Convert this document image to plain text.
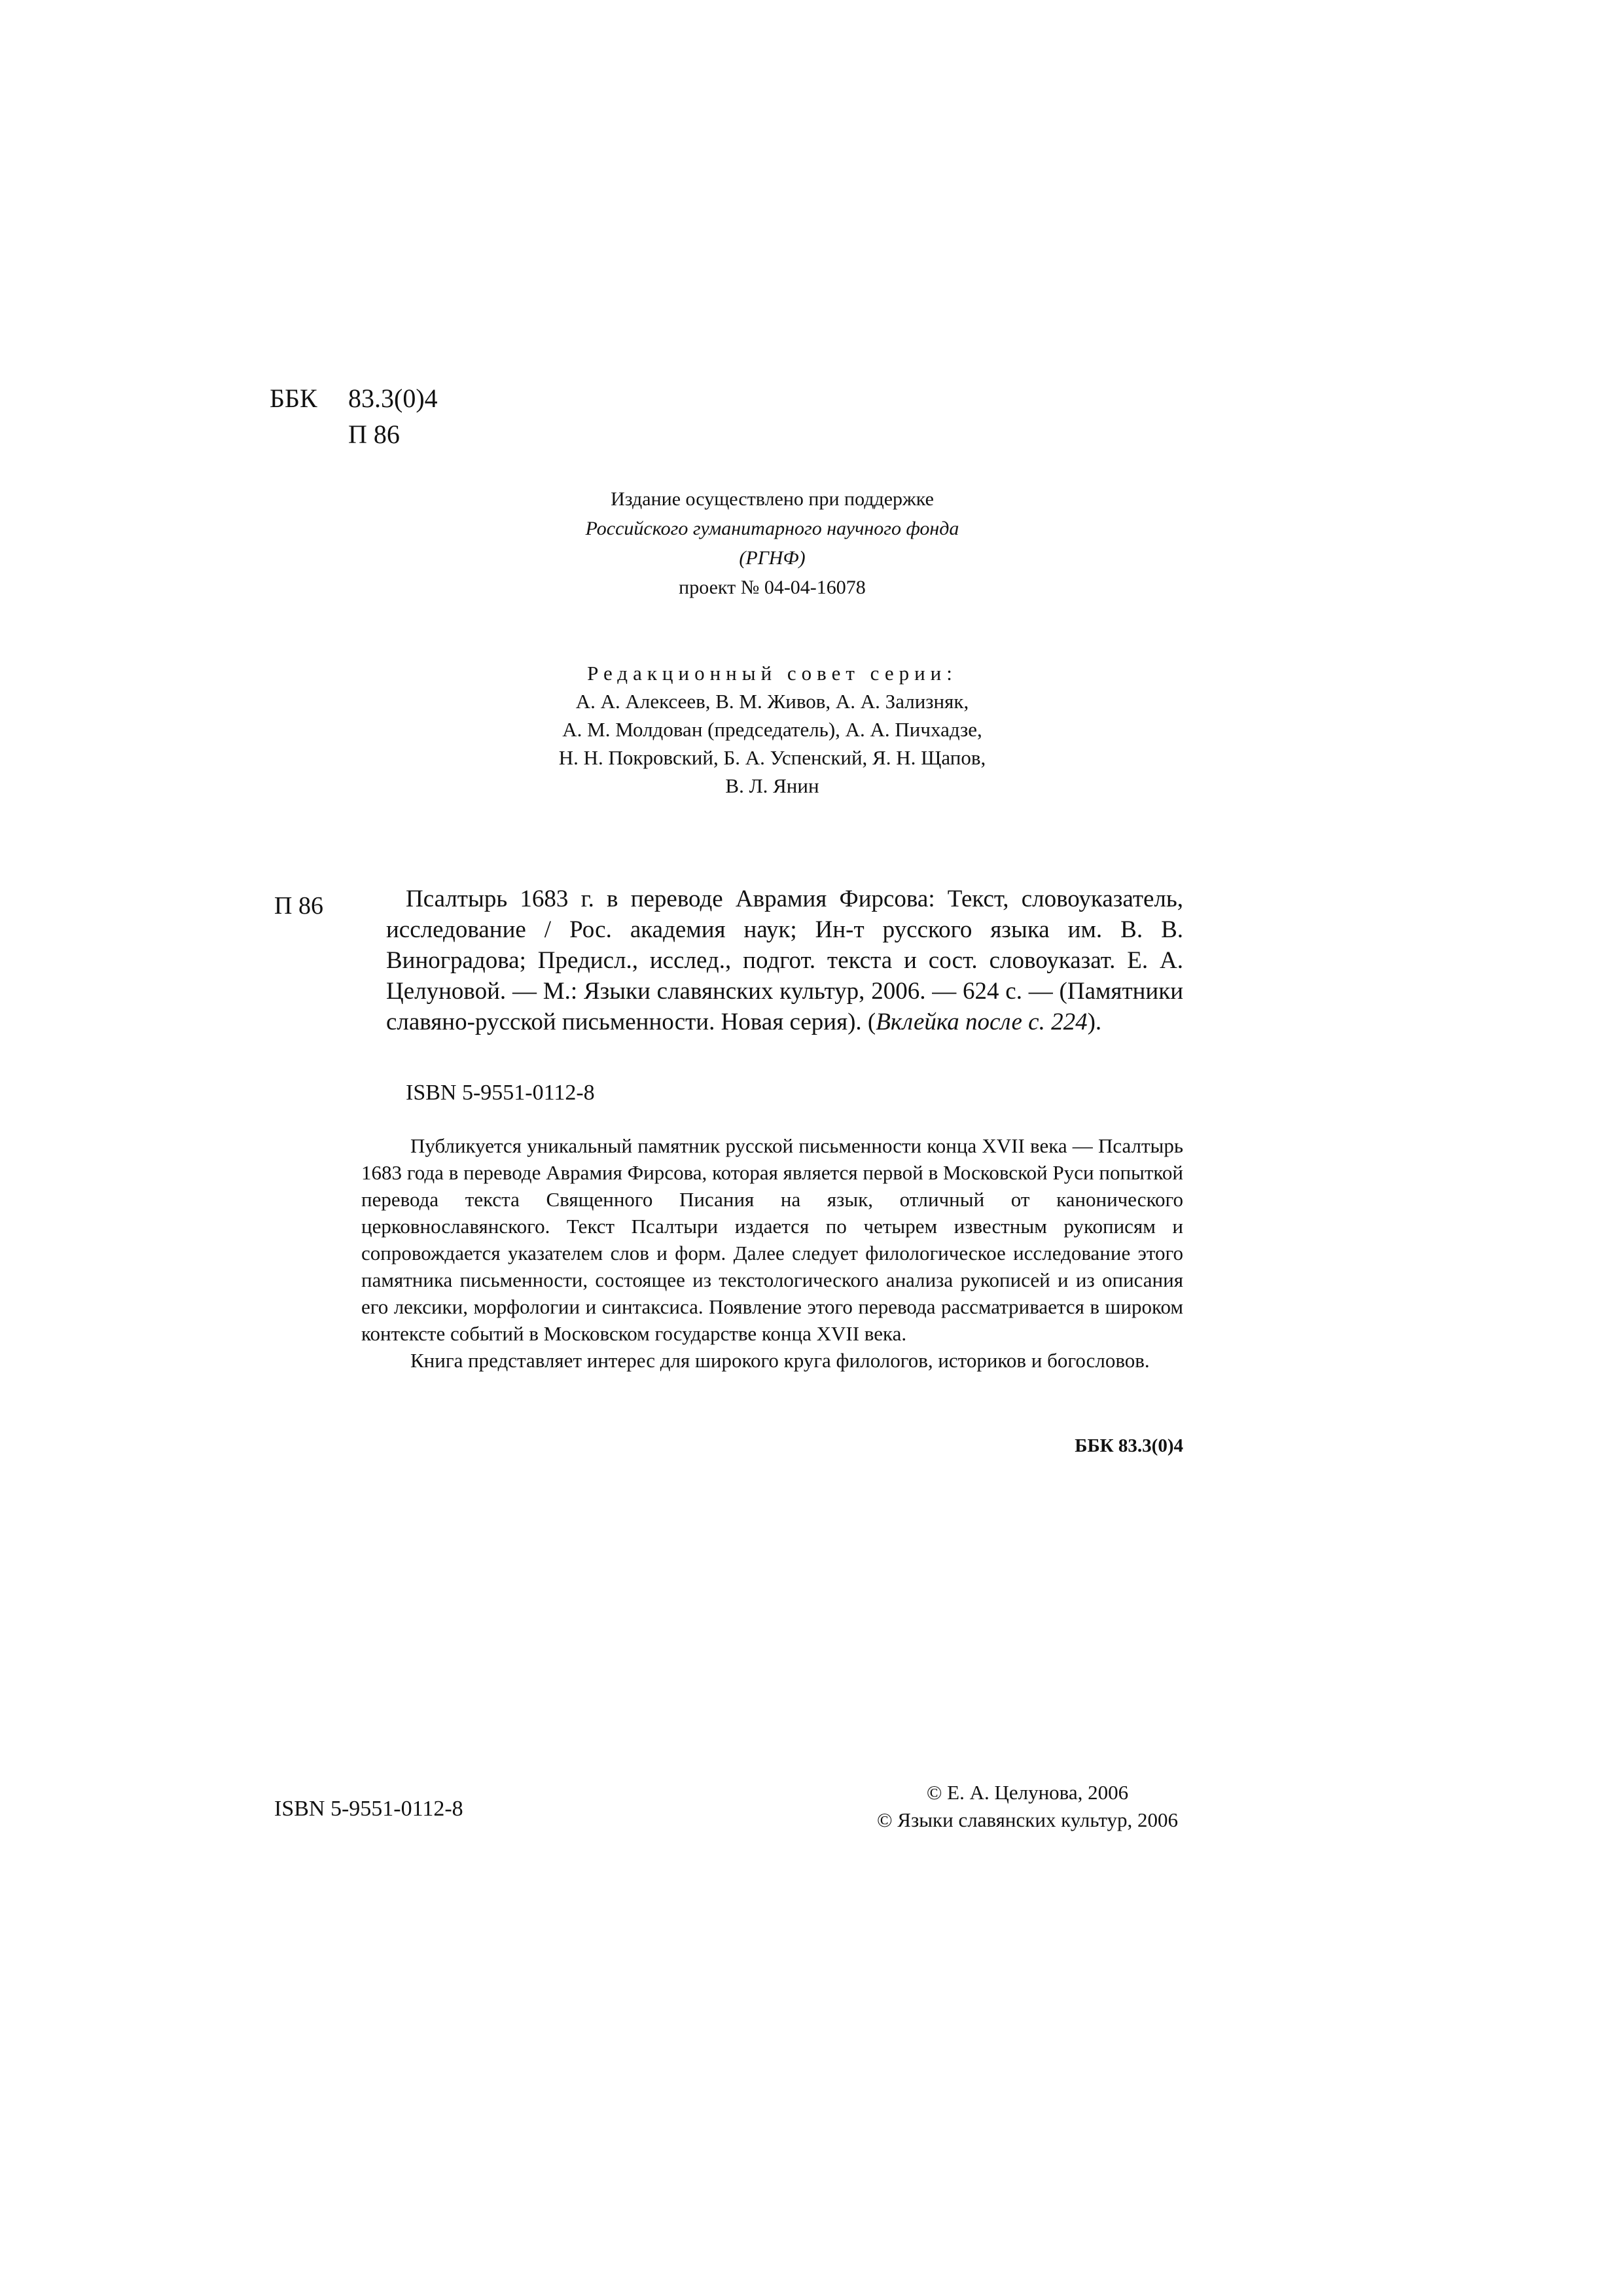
ББК 83.3(0)4
П 86
Издание осуществлено при поддержке
Российского гуманитарного научного фонда
(РГНФ)
проект № 04-04-16078
Редакционный совет серии:
А. А. Алексеев, В. М. Живов, А. А. Зализняк,
А. М. Молдован (председатель), А. А. Пичхадзе,
Н. Н. Покровский, Б. А. Успенский, Я. Н. Щапов,
В. Л. Янин
П 86	Псалтырь 1683 г. в переводе Аврамия Фирсова: Текст, словоуказатель, исследование / Рос. академия наук; Ин-т русского языка им. В. В. Виноградова; Предисл., исслед., подгот. текста и сост. словоуказат. Е. А. Целуновой. — М.: Языки славянских культур, 2006. — 624 с. — (Памятники славяно-русской письменности. Новая серия). (Вклейка после с. 224).
ISBN 5-9551-0112-8

Публикуется уникальный памятник русской письменности конца XVII века — Псалтырь 1683 года в переводе Аврамия Фирсова, которая является первой в Московской Руси попыткой перевода текста Священного Писания на язык, отличный от канонического церковнославянского. Текст Псалтыри издается по четырем известным рукописям и сопровождается указателем слов и форм. Далее следует филологическое исследование этого памятника письменности, состоящее из текстологического анализа рукописей и из описания его лексики, морфологии и синтаксиса. Появление этого перевода рассматривается в широком контексте событий в Московском государстве конца XVII века.

Книга представляет интерес для широкого круга филологов, историков и богословов.

ББК 83.3(0)4
ISBN 5-9551-0112-8
© Е. А. Целунова, 2006
© Языки славянских культур, 2006
